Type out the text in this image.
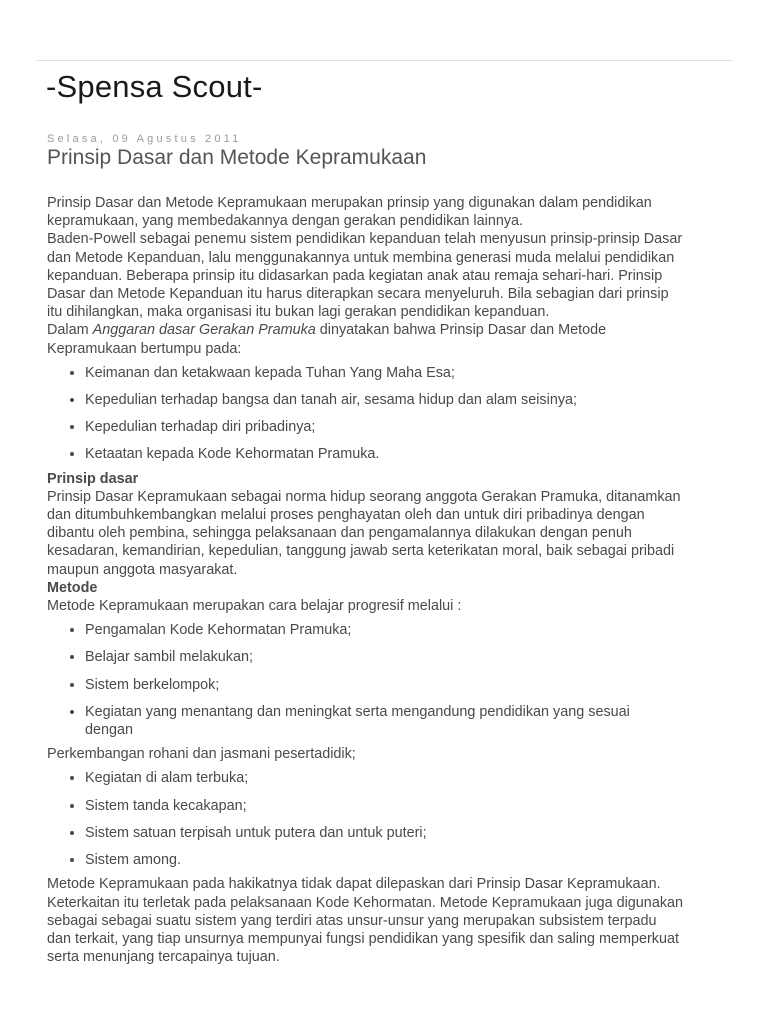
-Spensa Scout-
Selasa, 09 Agustus 2011
Prinsip Dasar dan Metode Kepramukaan

Prinsip Dasar dan Metode Kepramukaan merupakan prinsip yang digunakan dalam pendidikan
kepramukaan, yang membedakannya dengan gerakan pendidikan lainnya.
Baden-Powell sebagai penemu sistem pendidikan kepanduan telah menyusun prinsip-prinsip Dasar
dan Metode Kepanduan, lalu menggunakannya untuk membina generasi muda melalui pendidikan
kepanduan. Beberapa prinsip itu didasarkan pada kegiatan anak atau remaja sehari-hari. Prinsip
Dasar dan Metode Kepanduan itu harus diterapkan secara menyeluruh. Bila sebagian dari prinsip
itu dihilangkan, maka organisasi itu bukan lagi gerakan pendidikan kepanduan.
Dalam Anggaran dasar Gerakan Pramuka dinyatakan bahwa Prinsip Dasar dan Metode
Kepramukaan bertumpu pada:

• Keimanan dan ketakwaan kepada Tuhan Yang Maha Esa;
• Kepedulian terhadap bangsa dan tanah air, sesama hidup dan alam seisinya;
• Kepedulian terhadap diri pribadinya;
• Ketaatan kepada Kode Kehormatan Pramuka.
Prinsip dasar

Prinsip Dasar Kepramukaan sebagai norma hidup seorang anggota Gerakan Pramuka, ditanamkan
dan ditumbuhkembangkan melalui proses penghayatan oleh dan untuk diri pribadinya dengan
dibantu oleh pembina, sehingga pelaksanaan dan pengamalannya dilakukan dengan penuh
kesadaran, kemandirian, kepedulian, tanggung jawab serta keterikatan moral, baik sebagai pribadi
maupun anggota masyarakat.

Metode

Metode Kepramukaan merupakan cara belajar progresif melalui :

• Pengamalan Kode Kehormatan Pramuka;
• Belajar sambil melakukan;
• Sistem berkelompok;
• Kegiatan yang menantang dan meningkat serta mengandung pendidikan yang sesuai dengan

Perkembangan rohani dan jasmani pesertadidik;

• Kegiatan di alam terbuka;
• Sistem tanda kecakapan;
• Sistem satuan terpisah untuk putera dan untuk puteri;
• Sistem among.

Metode Kepramukaan pada hakikatnya tidak dapat dilepaskan dari Prinsip Dasar Kepramukaan.
Keterkaitan itu terletak pada pelaksanaan Kode Kehormatan. Metode Kepramukaan juga digunakan
sebagai sebagai suatu sistem yang terdiri atas unsur-unsur yang merupakan subsistem terpadu
dan terkait, yang tiap unsurnya mempunyai fungsi pendidikan yang spesifik dan saling memperkuat
serta menunjang tercapainya tujuan.
